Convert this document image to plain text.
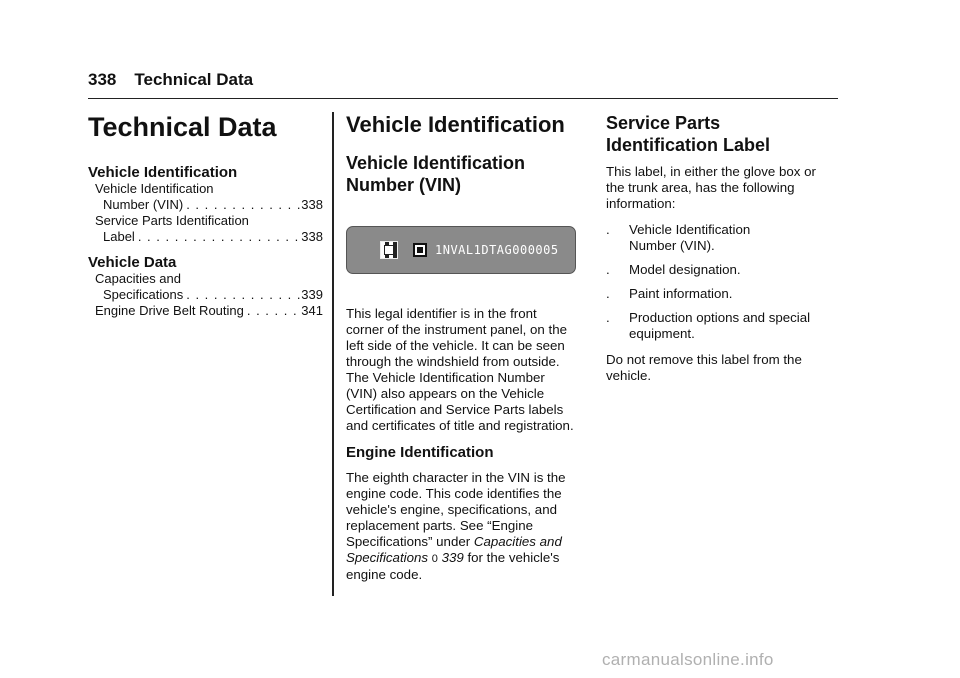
338 Technical Data
Technical Data
Vehicle Identification
Vehicle Identification
Number (VIN) . . .	338
Service Parts Identification
Label . . .	338
Vehicle Data
Capacities and
Specifications . . .	339
Engine Drive Belt Routing . . .	341
Vehicle Identification
Vehicle Identification
Number (VIN)
1NVAL1DTAG000005

This legal identifier is in the front corner of the instrument panel, on the left side of the vehicle. It can be seen through the windshield from outside. The Vehicle Identification Number (VIN) also appears on the Vehicle Certification and Service Parts labels and certificates of title and registration.

Engine Identification

The eighth character in the VIN is the engine code. This code identifies the vehicle's engine, specifications, and replacement parts. See “Engine Specifications” under Capacities and Specifications 0 339 for the vehicle's engine code.

Service Parts
Identification Label

This label, in either the glove box or the trunk area, has the following information:

.	Vehicle Identification
Number (VIN).
.	Model designation.
.	Paint information.
.	Production options and special
equipment.

Do not remove this label from the vehicle.

carmanualsonline.info
